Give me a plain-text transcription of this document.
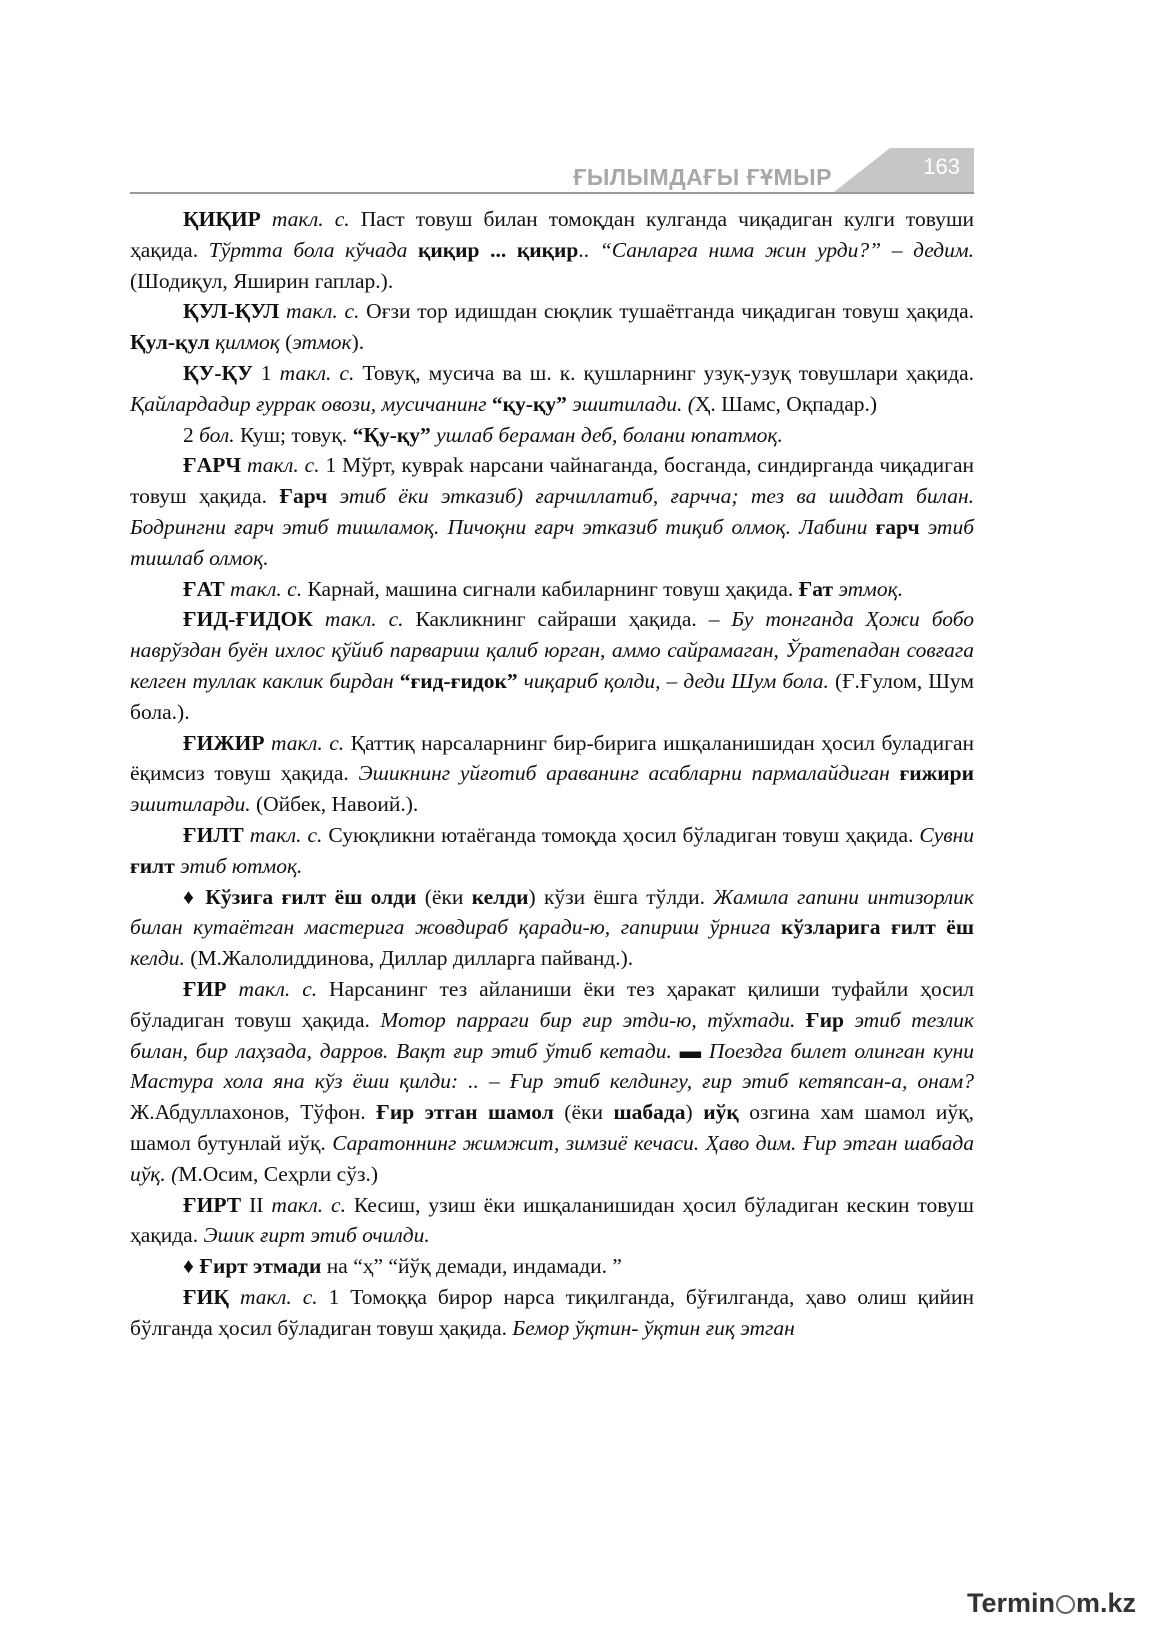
ҒЫЛЫМДАҒЫ ҒҰМЫР	163

ҚИҚИР такл. с. Паст товуш билан томоқдан кулганда чиқадиган кулги товуши ҳақида. Тўртта бола кўчада қиқир ... қиқир.. “Санларга нима жин урди?” – дедим. (Шодиқул, Яширин гаплар.).

ҚУЛ-ҚУЛ такл. с. Оғзи тор идишдан сюқлик тушаётганда чиқадиган товуш ҳақида. Қул-қул қилмоқ (этмок).

ҚУ-ҚУ 1 такл. с. Товуқ, мусича ва ш. к. қушларнинг узуқ-узуқ товушлари ҳақида. Қайлардадир ғуррак овози, мусичанинг “қу-қу” эшитилади. (Ҳ. Шамс, Оқпадар.)

2 бол. Куш; товуқ. “Қу-қу” ушлаб бераман деб, болани юпатмоқ.

ҒАРЧ такл. с. 1 Мўрт, кувраk нарсани чайнаганда, босганда, синдирганда чиқадиган товуш ҳақида. Ғарч этиб ёки этказиб) ғарчиллатиб, ғарчча; тез ва шиддат билан. Бодрингни ғарч этиб тишламоқ. Пичоқни ғарч этказиб тиқиб олмоқ. Лабини ғарч этиб тишлаб олмоқ.

ҒАТ такл. с. Карнай, машина сигнали кабиларнинг товуш ҳақида. Ғат этмоқ.

ҒИД-ҒИДОК такл. с. Какликнинг сайраши ҳақида. – Бу тонганда Ҳожи бобо наврўздан буён ихлос қўйиб парвариш қалиб юрган, аммо сайрамаган, Ўратепадан совғага келген туллак каклик бирдан “ғид-ғидок” чиқариб қолди, – деди Шум бола. (Ғ.Ғулом, Шум бола.).

ҒИЖИР такл. с. Қаттиқ нарсаларнинг бир-бирига ишқаланишидан ҳосил буладиган ёқимсиз товуш ҳақида. Эшикнинг уйғотиб араванинг асабларни пармалайдиган ғижири эшитиларди. (Ойбек, Навоий.).

ҒИЛТ такл. с. Суюқликни ютаёганда томоқда ҳосил бўладиган товуш ҳақида. Сувни ғилт этиб ютмоқ.

♦ Кўзига ғилт ёш олди (ёки келди) кўзи ёшга тўлди. Жамила гапини интизорлик билан кутаётган мастерига жовдираб қаради-ю, гапириш ўрнига кўзларига ғилт ёш келди. (М.Жалолиддинова, Диллар дилларга пайванд.).

ҒИР такл. с. Нарсанинг тез айланиши ёки тез ҳаракат қилиши туфайли ҳосил бўладиган товуш ҳақида. Мотор парраги бир ғир этди-ю, тўхтади. Ғир этиб тезлик билан, бир лаҳзада, дарров. Вақт ғир этиб ўтиб кетади. ▬ Поездга билет олинган куни Мастура хола яна кўз ёши қилди: .. – Ғир этиб келдингу, ғир этиб кетяпсан-а, онам? Ж.Абдуллахонов, Тўфон. Ғир этган шамол (ёки шабада) иўқ озгина хам шамол иўқ, шамол бутунлай иўқ. Саратоннинг жимжит, зимзиё кечаси. Ҳаво дим. Ғир этган шабада иўқ. (М.Осим, Сеҳрли сўз.)

ҒИРТ II такл. с. Кесиш, узиш ёки ишқаланишидан ҳосил бўладиган кескин товуш ҳақида. Эшик ғирт этиб очилди.

♦ Ғирт этмади на “ҳ” “йўқ демади, индамади. ”

ҒИҚ такл. с. 1 Томоққа бирор нарса тиқилганда, бўғилганда, ҳаво олиш қийин бўлганда ҳосил бўладиган товуш ҳақида. Бемор ўқтин- ўқтин ғиқ этган

Termin m.kz
